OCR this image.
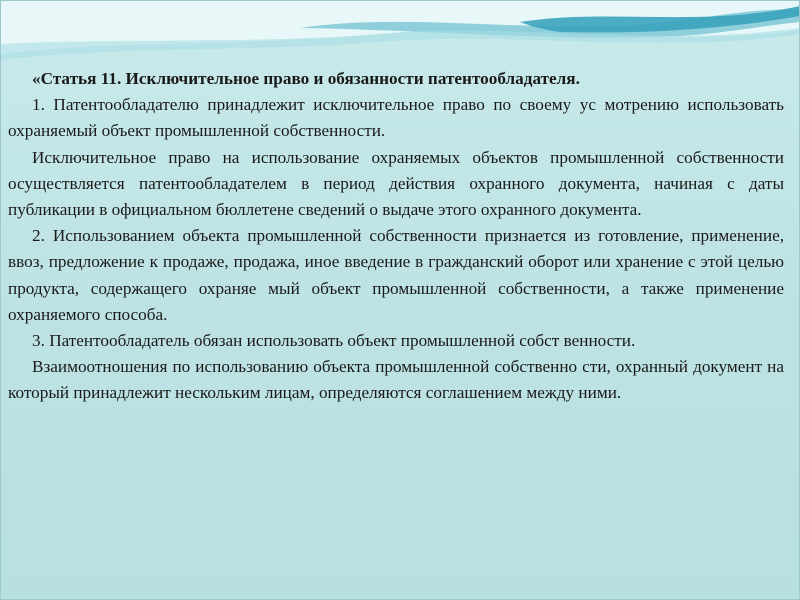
«Статья 11. Исключительное право и обязанности патентообладателя.

1. Патентообладателю принадлежит исключительное право по своему ус мотрению использовать охраняемый объект промышленной собственности.

Исключительное право на использование охраняемых объектов промышленной собственности осуществляется патентообладателем в период действия охранного документа, начиная с даты публикации в официальном бюллетене сведений о выдаче этого охранного документа.

2. Использованием объекта промышленной собственности признается из готовление, применение, ввоз, предложение к продаже, продажа, иное введение в гражданский оборот или хранение с этой целью продукта, содержащего охраняе мый объект промышленной собственности, а также применение охраняемого способа.

3. Патентообладатель обязан использовать объект промышленной собст венности.

Взаимоотношения по использованию объекта промышленной собственно сти, охранный документ на который принадлежит нескольким лицам, определяются соглашением между ними.
